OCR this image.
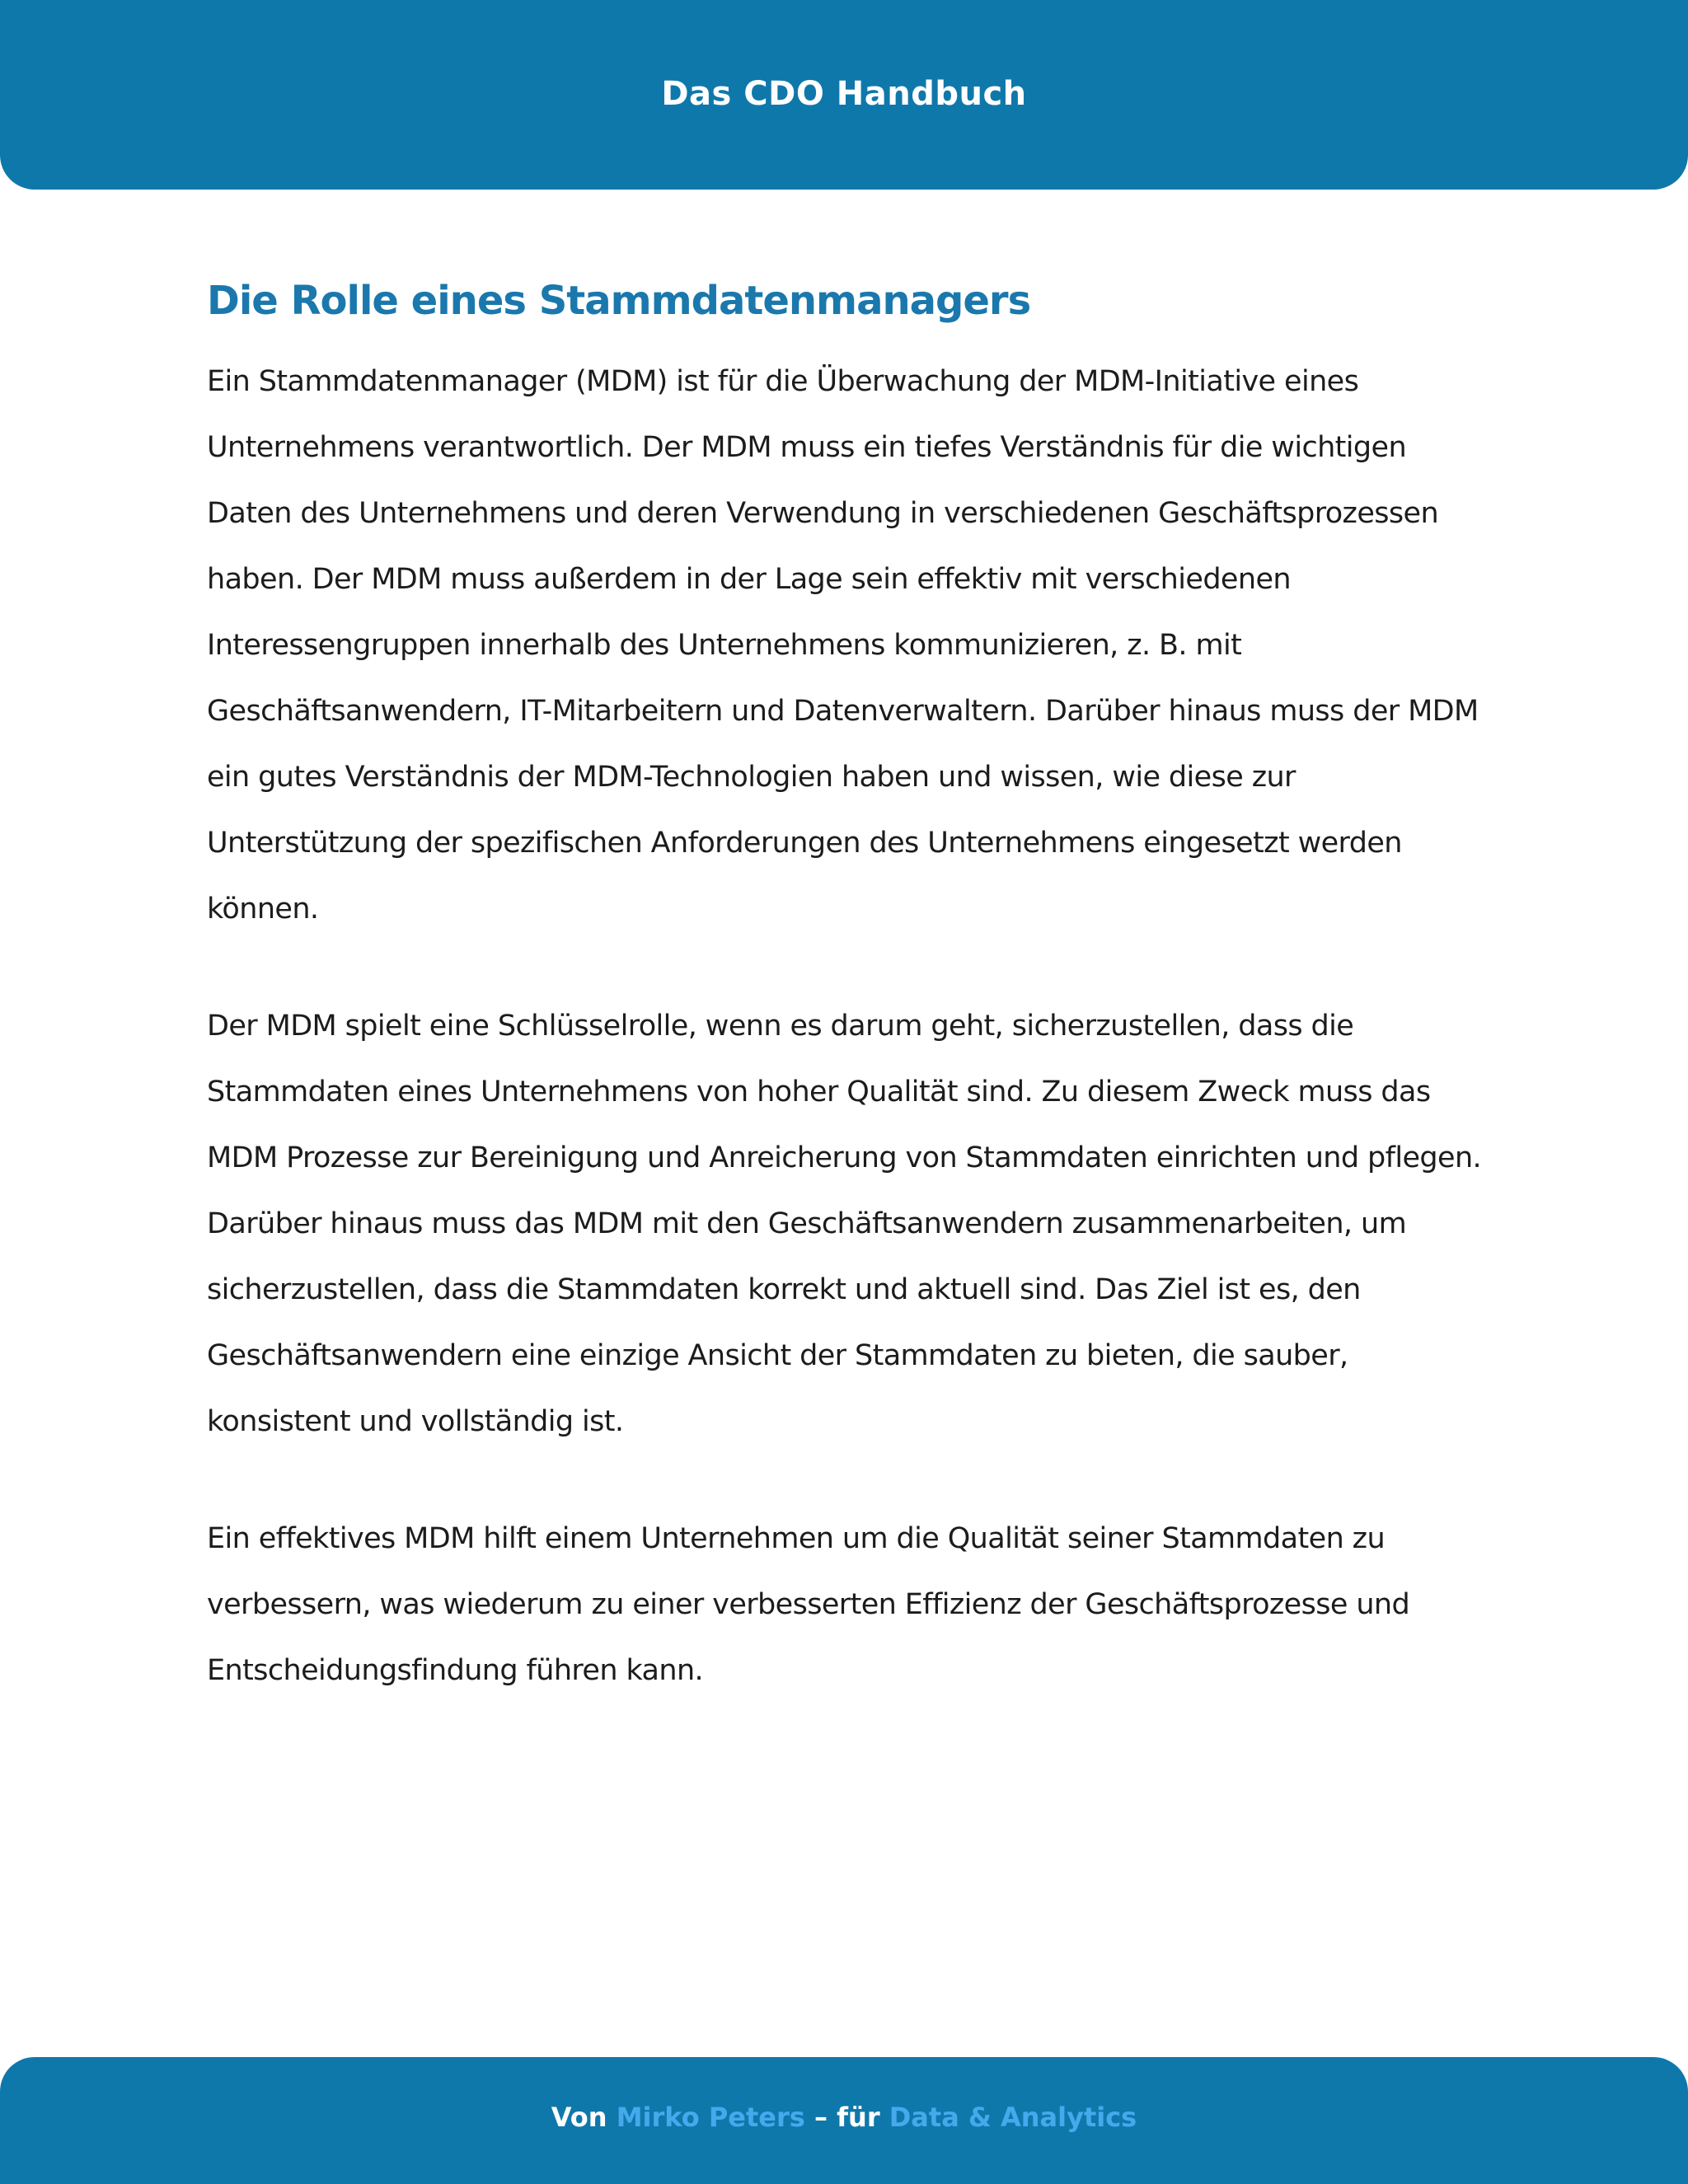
Das CDO Handbuch
Die Rolle eines Stammdatenmanagers

Ein Stammdatenmanager (MDM) ist für die Überwachung der MDM-Initiative eines Unternehmens verantwortlich. Der MDM muss ein tiefes Verständnis für die wichtigen Daten des Unternehmens und deren Verwendung in verschiedenen Geschäftsprozessen haben. Der MDM muss außerdem in der Lage sein effektiv mit verschiedenen Interessengruppen innerhalb des Unternehmens kommunizieren, z. B. mit Geschäftsanwendern, IT-Mitarbeitern und Datenverwaltern. Darüber hinaus muss der MDM ein gutes Verständnis der MDM-Technologien haben und wissen, wie diese zur Unterstützung der spezifischen Anforderungen des Unternehmens eingesetzt werden können.

Der MDM spielt eine Schlüsselrolle, wenn es darum geht, sicherzustellen, dass die Stammdaten eines Unternehmens von hoher Qualität sind. Zu diesem Zweck muss das MDM Prozesse zur Bereinigung und Anreicherung von Stammdaten einrichten und pflegen. Darüber hinaus muss das MDM mit den Geschäftsanwendern zusammenarbeiten, um sicherzustellen, dass die Stammdaten korrekt und aktuell sind. Das Ziel ist es, den Geschäftsanwendern eine einzige Ansicht der Stammdaten zu bieten, die sauber, konsistent und vollständig ist.

Ein effektives MDM hilft einem Unternehmen um die Qualität seiner Stammdaten zu verbessern, was wiederum zu einer verbesserten Effizienz der Geschäftsprozesse und Entscheidungsfindung führen kann.

Von Mirko Peters – für Data & Analytics
